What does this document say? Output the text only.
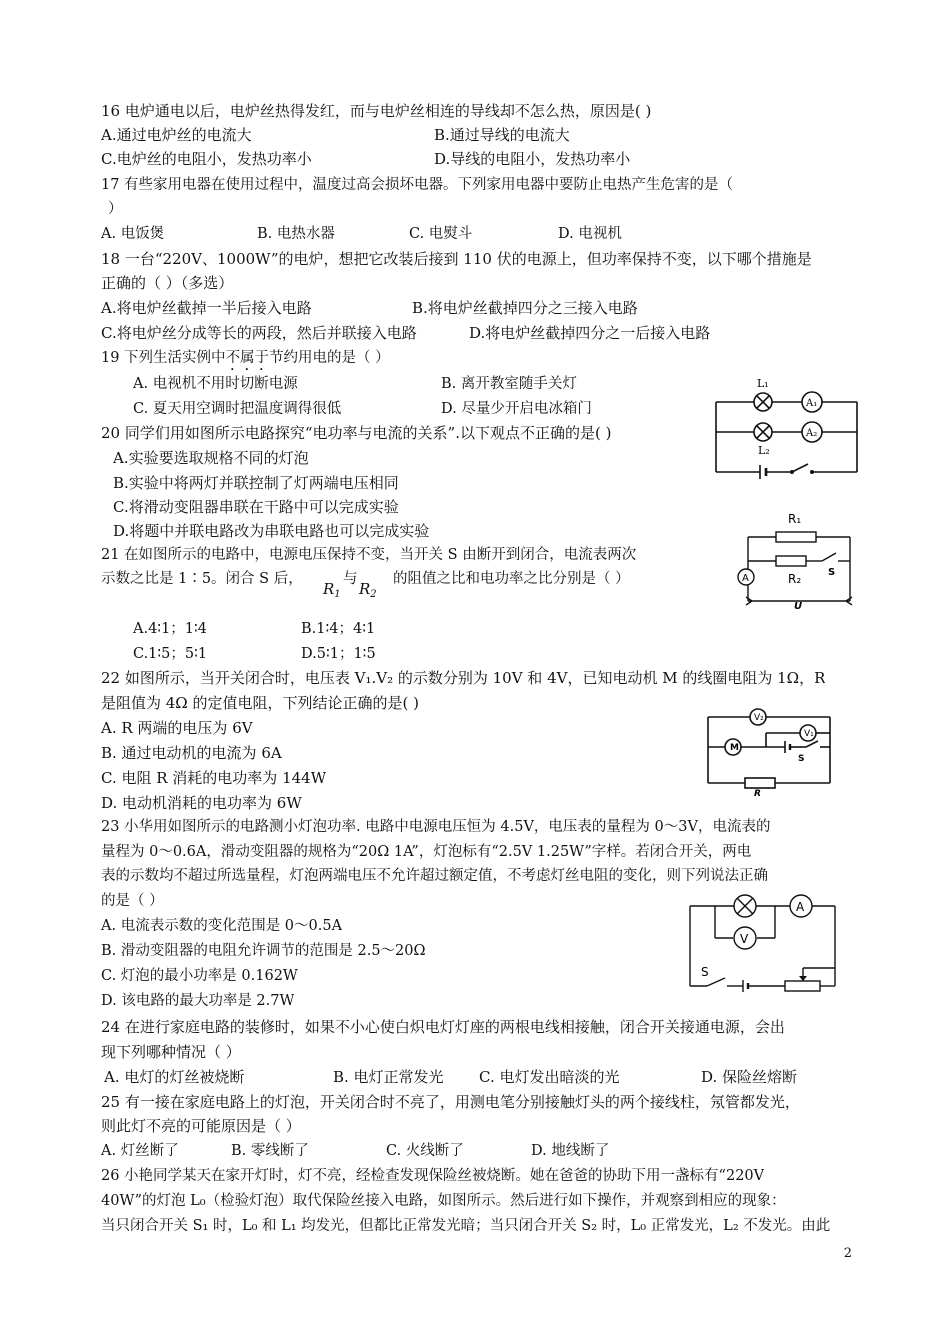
16 电炉通电以后，电炉丝热得发红，而与电炉丝相连的导线却不怎么热，原因是( )
A.通过电炉丝的电流大	B.通过导线的电流大
C.电炉丝的电阻小，发热功率小	D.导线的电阻小，发热功率小
17 有些家用电器在使用过程中，温度过高会损坏电器。下列家用电器中要防止电热产生危害的是（
）
A. 电饭煲	B. 电热水器	C. 电熨斗	D. 电视机
18 一台“220V、1000W”的电炉，想把它改装后接到 110 伏的电源上，但功率保持不变，以下哪个措施是
正确的（ ）（多选）
A.将电炉丝截掉一半后接入电路	B.将电炉丝截掉四分之三接入电路
C.将电炉丝分成等长的两段，然后并联接入电路	D.将电炉丝截掉四分之一后接入电路
19 下列生活实例中不属于节约用电的是（ ）
A. 电视机不用时切断电源	B. 离开教室随手关灯
C. 夏天用空调时把温度调得很低	D. 尽量少开启电冰箱门
20 同学们用如图所示电路探究“电功率与电流的关系”.以下观点不正确的是( )
A.实验要选取规格不同的灯泡
B.实验中将两灯并联控制了灯两端电压相同
C.将滑动变阻器串联在干路中可以完成实验
D.将题中并联电路改为串联电路也可以完成实验
21 在如图所示的电路中，电源电压保持不变，当开关 S 由断开到闭合，电流表两次
示数之比是 1∶5。闭合 S 后，	与 的阻值之比和电功率之比分别是（ ）
$R_1$ $R_2$
A.4∶1；1∶4	B.1∶4；4∶1
C.1∶5；5∶1	D.5∶1；1∶5
22 如图所示，当开关闭合时，电压表 V₁.V₂ 的示数分别为 10V 和 4V，已知电动机 M 的线圈电阻为 1Ω，R
是阻值为 4Ω 的定值电阻，下列结论正确的是( )
A. R 两端的电压为 6V
B. 通过电动机的电流为 6A
C. 电阻 R 消耗的电功率为 144W
D. 电动机消耗的电功率为 6W
23 小华用如图所示的电路测小灯泡功率. 电路中电源电压恒为 4.5V，电压表的量程为 0～3V，电流表的
量程为 0～0.6A，滑动变阻器的规格为“20Ω 1A”，灯泡标有“2.5V 1.25W”字样。若闭合开关，两电
表的示数均不超过所选量程，灯泡两端电压不允许超过额定值，不考虑灯丝电阻的变化，则下列说法正确
的是（ ）
A. 电流表示数的变化范围是 0～0.5A
B. 滑动变阻器的电阻允许调节的范围是 2.5～20Ω
C. 灯泡的最小功率是 0.162W
D. 该电路的最大功率是 2.7W
24 在进行家庭电路的装修时，如果不小心使白炽电灯灯座的两根电线相接触，闭合开关接通电源，会出
现下列哪种情况（ ）
A. 电灯的灯丝被烧断	B. 电灯正常发光 C. 电灯发出暗淡的光	D. 保险丝熔断
25 有一接在家庭电路上的灯泡，开关闭合时不亮了，用测电笔分别接触灯头的两个接线柱，氖管都发光，
则此灯不亮的可能原因是（ ）
A. 灯丝断了	B. 零线断了	C. 火线断了	D. 地线断了
26 小艳同学某天在家开灯时，灯不亮，经检查发现保险丝被烧断。她在爸爸的协助下用一盏标有“220V
40W”的灯泡 L₀（检验灯泡）取代保险丝接入电路，如图所示。然后进行如下操作，并观察到相应的现象：
当只闭合开关 S₁ 时，L₀ 和 L₁ 均发光，但都比正常发光暗；当只闭合开关 S₂ 时，L₀ 正常发光，L₂ 不发光。由此
2
L₁
L₂
A₁
A₂
R₁
R₂
A
S
U
V₂
V₁
M
S
R
A
V
S
